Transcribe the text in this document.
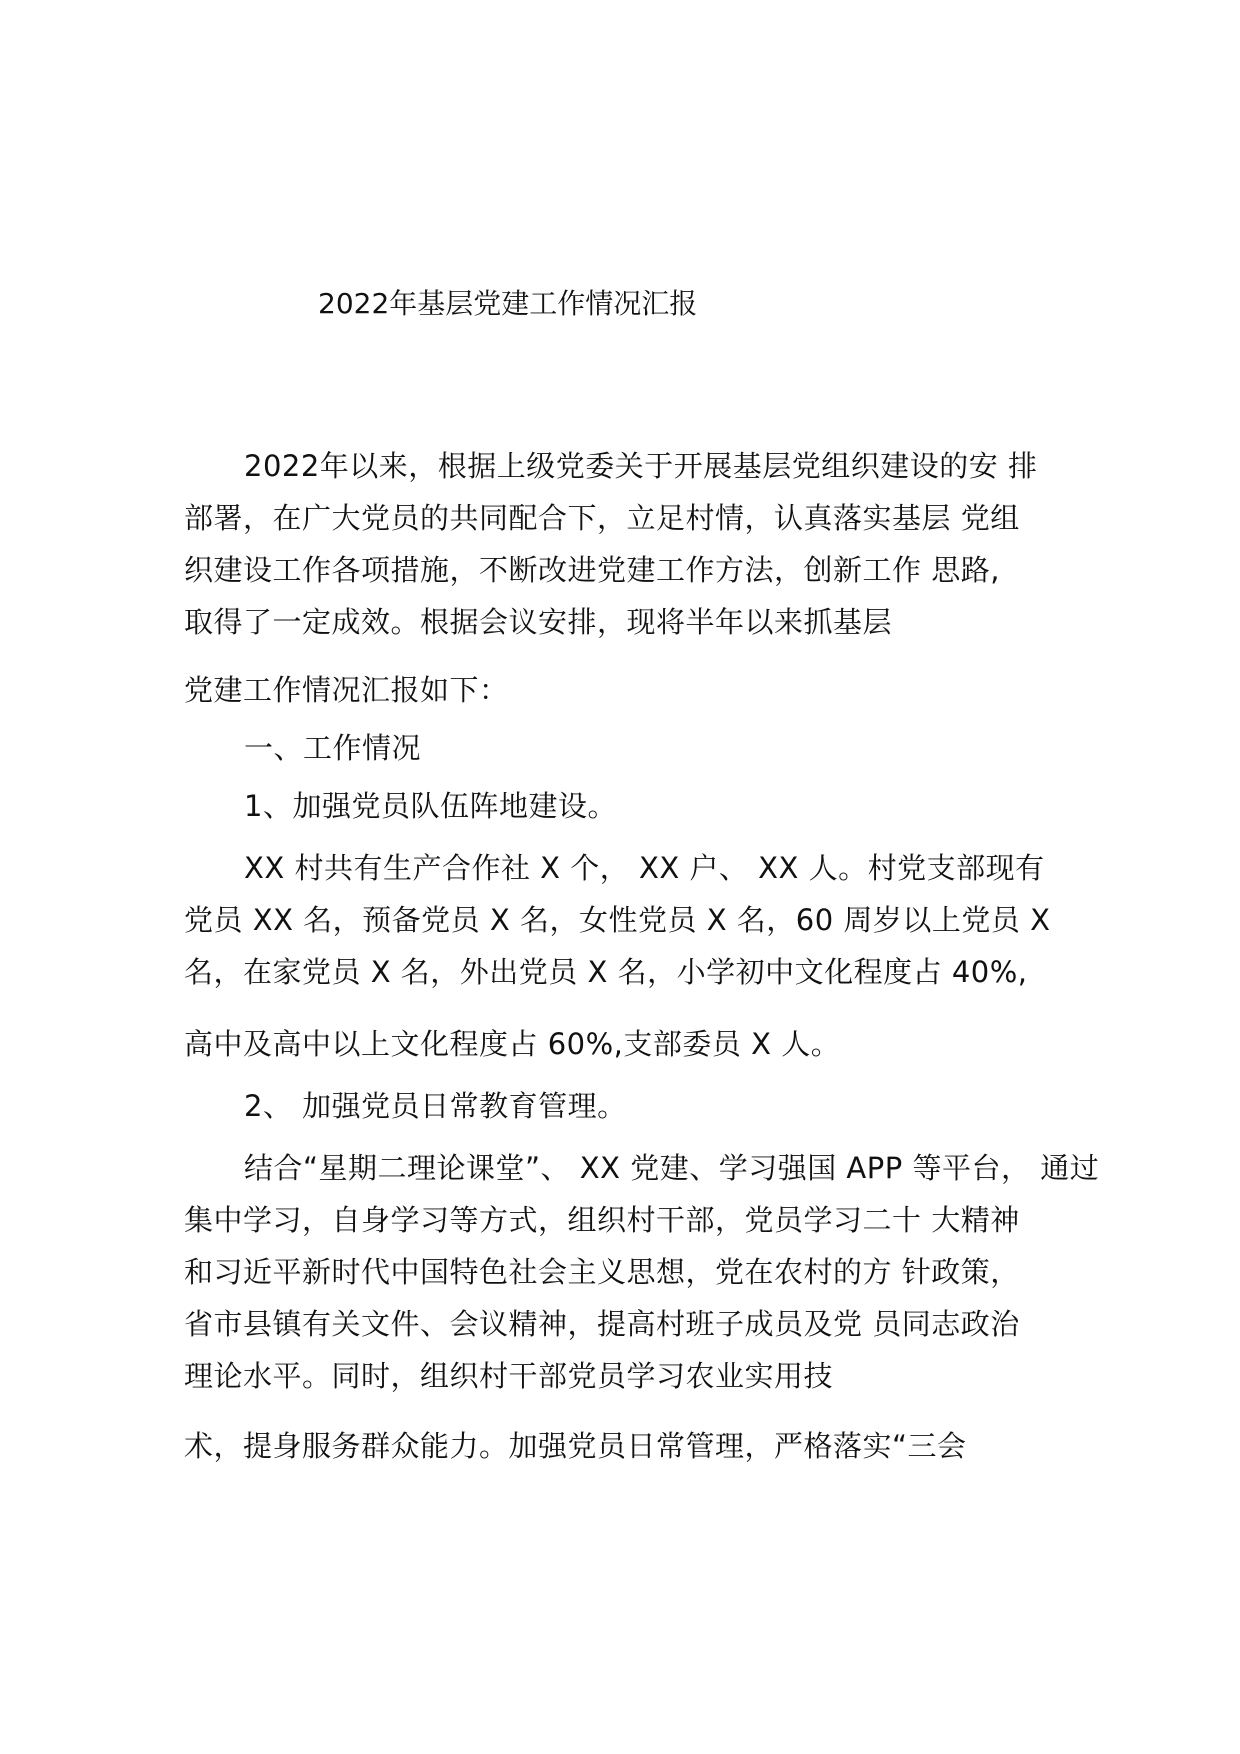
2022年基层党建工作情况汇报
2022年以来，根据上级党委关于开展基层党组织建设的安 排
部署，在广大党员的共同配合下，立足村情，认真落实基层 党组
织建设工作各项措施，不断改进党建工作方法，创新工作 思路,
取得了一定成效。根据会议安排，现将半年以来抓基层
党建工作情况汇报如下：
一、工作情况
1、加强党员队伍阵地建设。
XX 村共有生产合作社 X 个， XX 户、 XX 人。村党支部现有
党员 XX 名，预备党员 X 名，女性党员 X 名，60 周岁以上党员 X
名，在家党员 X 名，外出党员 X 名，小学初中文化程度占 40%,
高中及高中以上文化程度占 60%,支部委员 X 人。
2、 加强党员日常教育管理。
结合“星期二理论课堂”、 XX 党建、学习强国 APP 等平台， 通过
集中学习，自身学习等方式，组织村干部，党员学习二十 大精神
和习近平新时代中国特色社会主义思想，党在农村的方 针政策，
省市县镇有关文件、会议精神，提高村班子成员及党 员同志政治
理论水平。同时，组织村干部党员学习农业实用技
术，提身服务群众能力。加强党员日常管理，严格落实“三会
